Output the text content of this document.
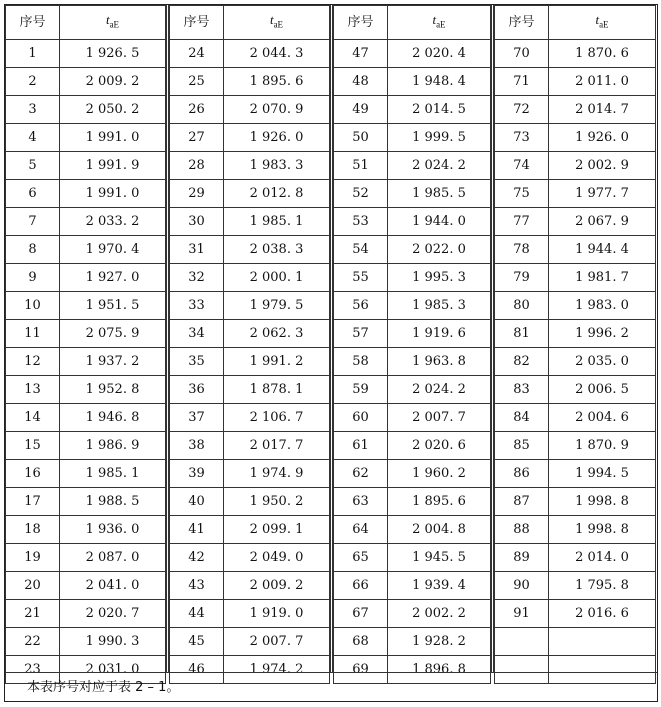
序号	$t_{aE}$
1	1 926. 5
2	2 009. 2
3	2 050. 2
4	1 991. 0
5	1 991. 9
6	1 991. 0
7	2 033. 2
8	1 970. 4
9	1 927. 0
10	1 951. 5
11	2 075. 9
12	1 937. 2
13	1 952. 8
14	1 946. 8
15	1 986. 9
16	1 985. 1
17	1 988. 5
18	1 936. 0
19	2 087. 0
20	2 041. 0
21	2 020. 7
22	1 990. 3
23	2 031. 0
序号	$t_{aE}$
24	2 044. 3
25	1 895. 6
26	2 070. 9
27	1 926. 0
28	1 983. 3
29	2 012. 8
30	1 985. 1
31	2 038. 3
32	2 000. 1
33	1 979. 5
34	2 062. 3
35	1 991. 2
36	1 878. 1
37	2 106. 7
38	2 017. 7
39	1 974. 9
40	1 950. 2
41	2 099. 1
42	2 049. 0
43	2 009. 2
44	1 919. 0
45	2 007. 7
46	1 974. 2
序号	$t_{aE}$
47	2 020. 4
48	1 948. 4
49	2 014. 5
50	1 999. 5
51	2 024. 2
52	1 985. 5
53	1 944. 0
54	2 022. 0
55	1 995. 3
56	1 985. 3
57	1 919. 6
58	1 963. 8
59	2 024. 2
60	2 007. 7
61	2 020. 6
62	1 960. 2
63	1 895. 6
64	2 004. 8
65	1 945. 5
66	1 939. 4
67	2 002. 2
68	1 928. 2
69	1 896. 8
序号	$t_{aE}$
70	1 870. 6
71	2 011. 0
72	2 014. 7
73	1 926. 0
74	2 002. 9
75	1 977. 7
77	2 067. 9
78	1 944. 4
79	1 981. 7
80	1 983. 0
81	1 996. 2
82	2 035. 0
83	2 006. 5
84	2 004. 6
85	1 870. 9
86	1 994. 5
87	1 998. 8
88	1 998. 8
89	2 014. 0
90	1 795. 8
91	2 016. 6

本表序号对应于表 2 – 1。
